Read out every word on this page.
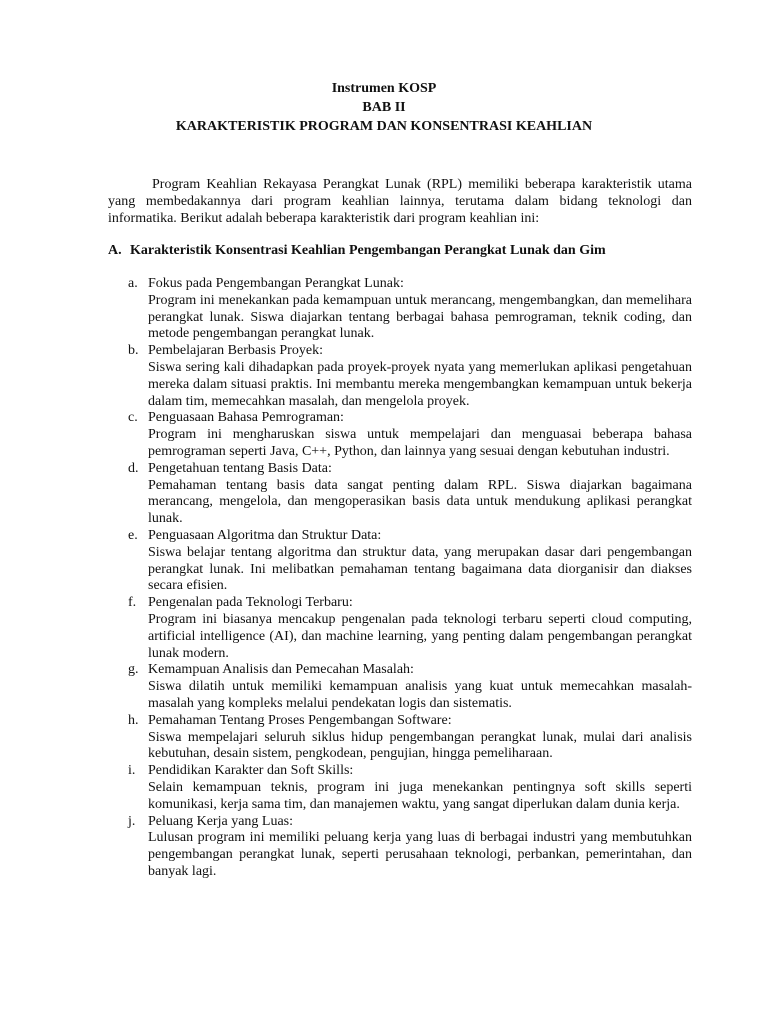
Instrumen KOSP
BAB II
KARAKTERISTIK PROGRAM DAN KONSENTRASI KEAHLIAN

Program Keahlian Rekayasa Perangkat Lunak (RPL) memiliki beberapa karakteristik utama yang membedakannya dari program keahlian lainnya, terutama dalam bidang teknologi dan informatika. Berikut adalah beberapa karakteristik dari program keahlian ini:

A. Karakteristik Konsentrasi Keahlian Pengembangan Perangkat Lunak dan Gim

a. Fokus pada Pengembangan Perangkat Lunak:
Program ini menekankan pada kemampuan untuk merancang, mengembangkan, dan memelihara perangkat lunak. Siswa diajarkan tentang berbagai bahasa pemrograman, teknik coding, dan metode pengembangan perangkat lunak.
b. Pembelajaran Berbasis Proyek:
Siswa sering kali dihadapkan pada proyek-proyek nyata yang memerlukan aplikasi pengetahuan mereka dalam situasi praktis. Ini membantu mereka mengembangkan kemampuan untuk bekerja dalam tim, memecahkan masalah, dan mengelola proyek.
c. Penguasaan Bahasa Pemrograman:
Program ini mengharuskan siswa untuk mempelajari dan menguasai beberapa bahasa pemrograman seperti Java, C++, Python, dan lainnya yang sesuai dengan kebutuhan industri.
d. Pengetahuan tentang Basis Data:
Pemahaman tentang basis data sangat penting dalam RPL. Siswa diajarkan bagaimana merancang, mengelola, dan mengoperasikan basis data untuk mendukung aplikasi perangkat lunak.
e. Penguasaan Algoritma dan Struktur Data:
Siswa belajar tentang algoritma dan struktur data, yang merupakan dasar dari pengembangan perangkat lunak. Ini melibatkan pemahaman tentang bagaimana data diorganisir dan diakses secara efisien.
f. Pengenalan pada Teknologi Terbaru:
Program ini biasanya mencakup pengenalan pada teknologi terbaru seperti cloud computing, artificial intelligence (AI), dan machine learning, yang penting dalam pengembangan perangkat lunak modern.
g. Kemampuan Analisis dan Pemecahan Masalah:
Siswa dilatih untuk memiliki kemampuan analisis yang kuat untuk memecahkan masalah-masalah yang kompleks melalui pendekatan logis dan sistematis.
h. Pemahaman Tentang Proses Pengembangan Software:
Siswa mempelajari seluruh siklus hidup pengembangan perangkat lunak, mulai dari analisis kebutuhan, desain sistem, pengkodean, pengujian, hingga pemeliharaan.
i. Pendidikan Karakter dan Soft Skills:
Selain kemampuan teknis, program ini juga menekankan pentingnya soft skills seperti komunikasi, kerja sama tim, dan manajemen waktu, yang sangat diperlukan dalam dunia kerja.
j. Peluang Kerja yang Luas:
Lulusan program ini memiliki peluang kerja yang luas di berbagai industri yang membutuhkan pengembangan perangkat lunak, seperti perusahaan teknologi, perbankan, pemerintahan, dan banyak lagi.
